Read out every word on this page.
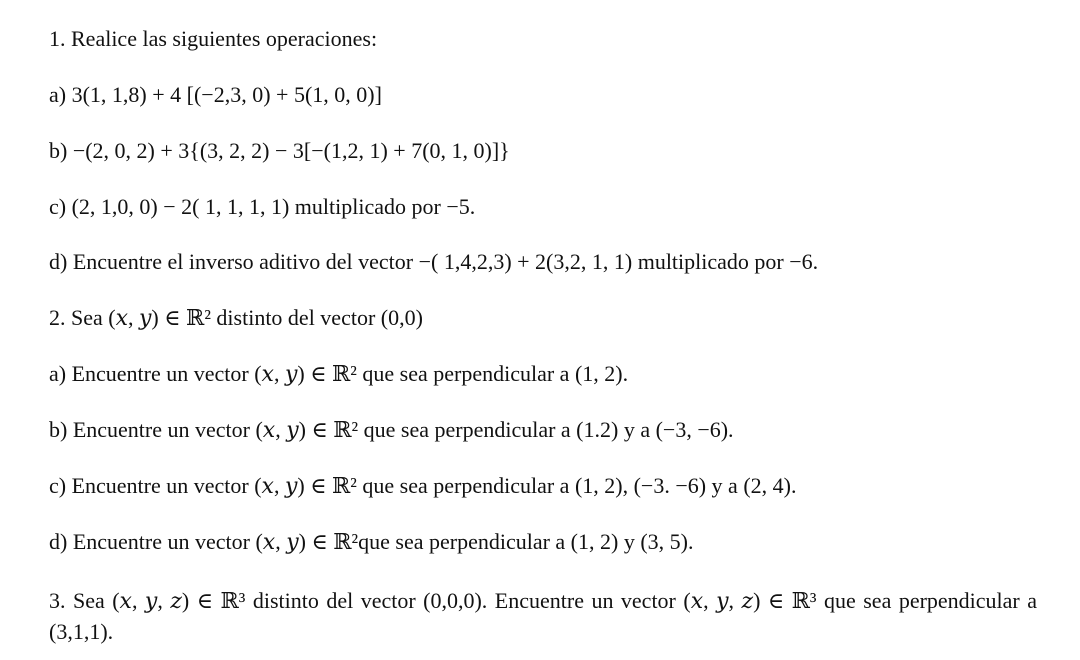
1. Realice las siguientes operaciones:
a) 3(1, 1,8) + 4 [(−2,3, 0) + 5(1, 0, 0)]
b) −(2, 0, 2) + 3{(3, 2, 2) − 3[−(1,2, 1) + 7(0, 1, 0)]}
c) (2, 1,0, 0) − 2( 1, 1, 1, 1) multiplicado por −5.
d) Encuentre el inverso aditivo del vector −( 1,4,2,3) + 2(3,2, 1, 1) multiplicado por −6.
2. Sea (𝑥, 𝑦) ∈ ℝ² distinto del vector (0,0)
a) Encuentre un vector (𝑥, 𝑦) ∈ ℝ² que sea perpendicular a (1, 2).
b) Encuentre un vector (𝑥, 𝑦) ∈ ℝ² que sea perpendicular a (1.2) y a (−3, −6).
c) Encuentre un vector (𝑥, 𝑦) ∈ ℝ² que sea perpendicular a (1, 2), (−3. −6) y a (2, 4).
d) Encuentre un vector (𝑥, 𝑦) ∈ ℝ²que sea perpendicular a (1, 2) y (3, 5).
3. Sea (𝑥, 𝑦, 𝑧) ∈ ℝ³ distinto del vector (0,0,0). Encuentre un vector (𝑥, 𝑦, 𝑧) ∈ ℝ³ que sea perpendicular a (3,1,1).
